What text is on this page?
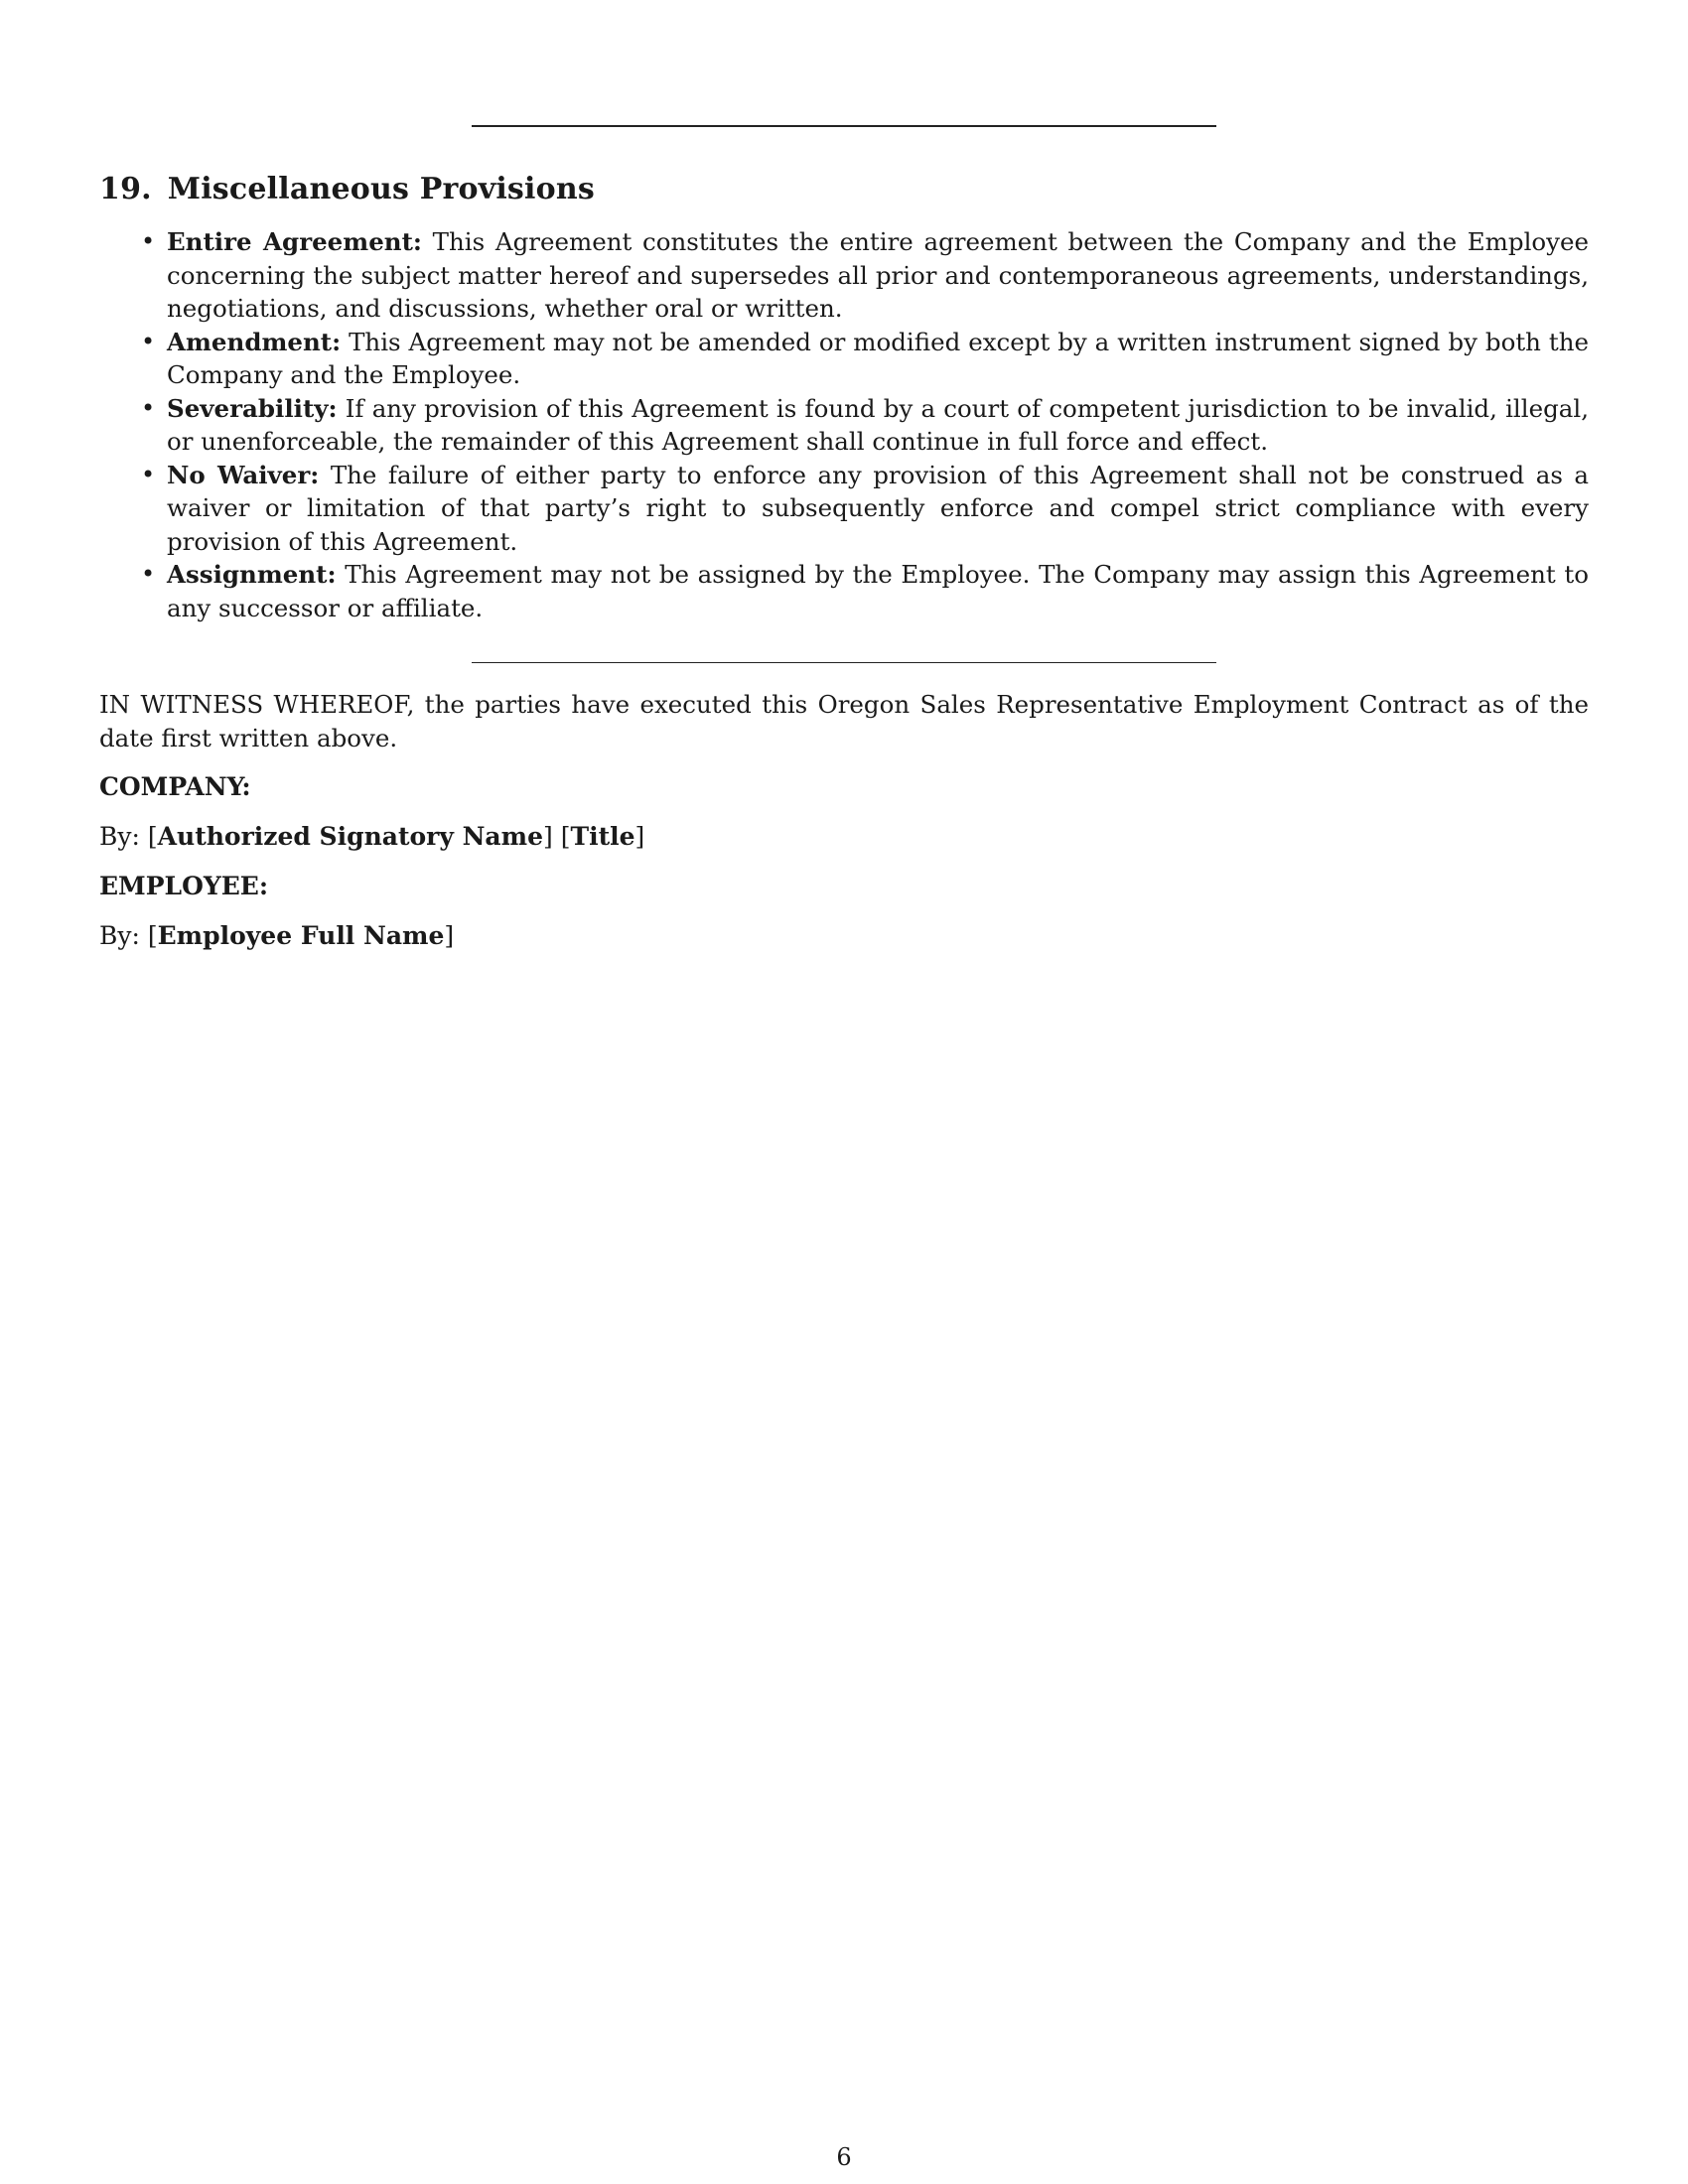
19. Miscellaneous Provisions
• Entire Agreement: This Agreement constitutes the entire agreement between the Company and the Employee concerning the subject matter hereof and supersedes all prior and contemporaneous agreements, understandings, negotiations, and discussions, whether oral or written.
• Amendment: This Agreement may not be amended or modified except by a written instrument signed by both the Company and the Employee.
• Severability: If any provision of this Agreement is found by a court of competent jurisdiction to be invalid, illegal, or unenforceable, the remainder of this Agreement shall continue in full force and effect.
• No Waiver: The failure of either party to enforce any provision of this Agreement shall not be construed as a waiver or limitation of that party’s right to subsequently enforce and compel strict compliance with every provision of this Agreement.
• Assignment: This Agreement may not be assigned by the Employee. The Company may assign this Agreement to any successor or affiliate.

IN WITNESS WHEREOF, the parties have executed this Oregon Sales Representative Employment Contract as of the date first written above.

COMPANY:

By: [Authorized Signatory Name] [Title]

EMPLOYEE:

By: [Employee Full Name]

6
